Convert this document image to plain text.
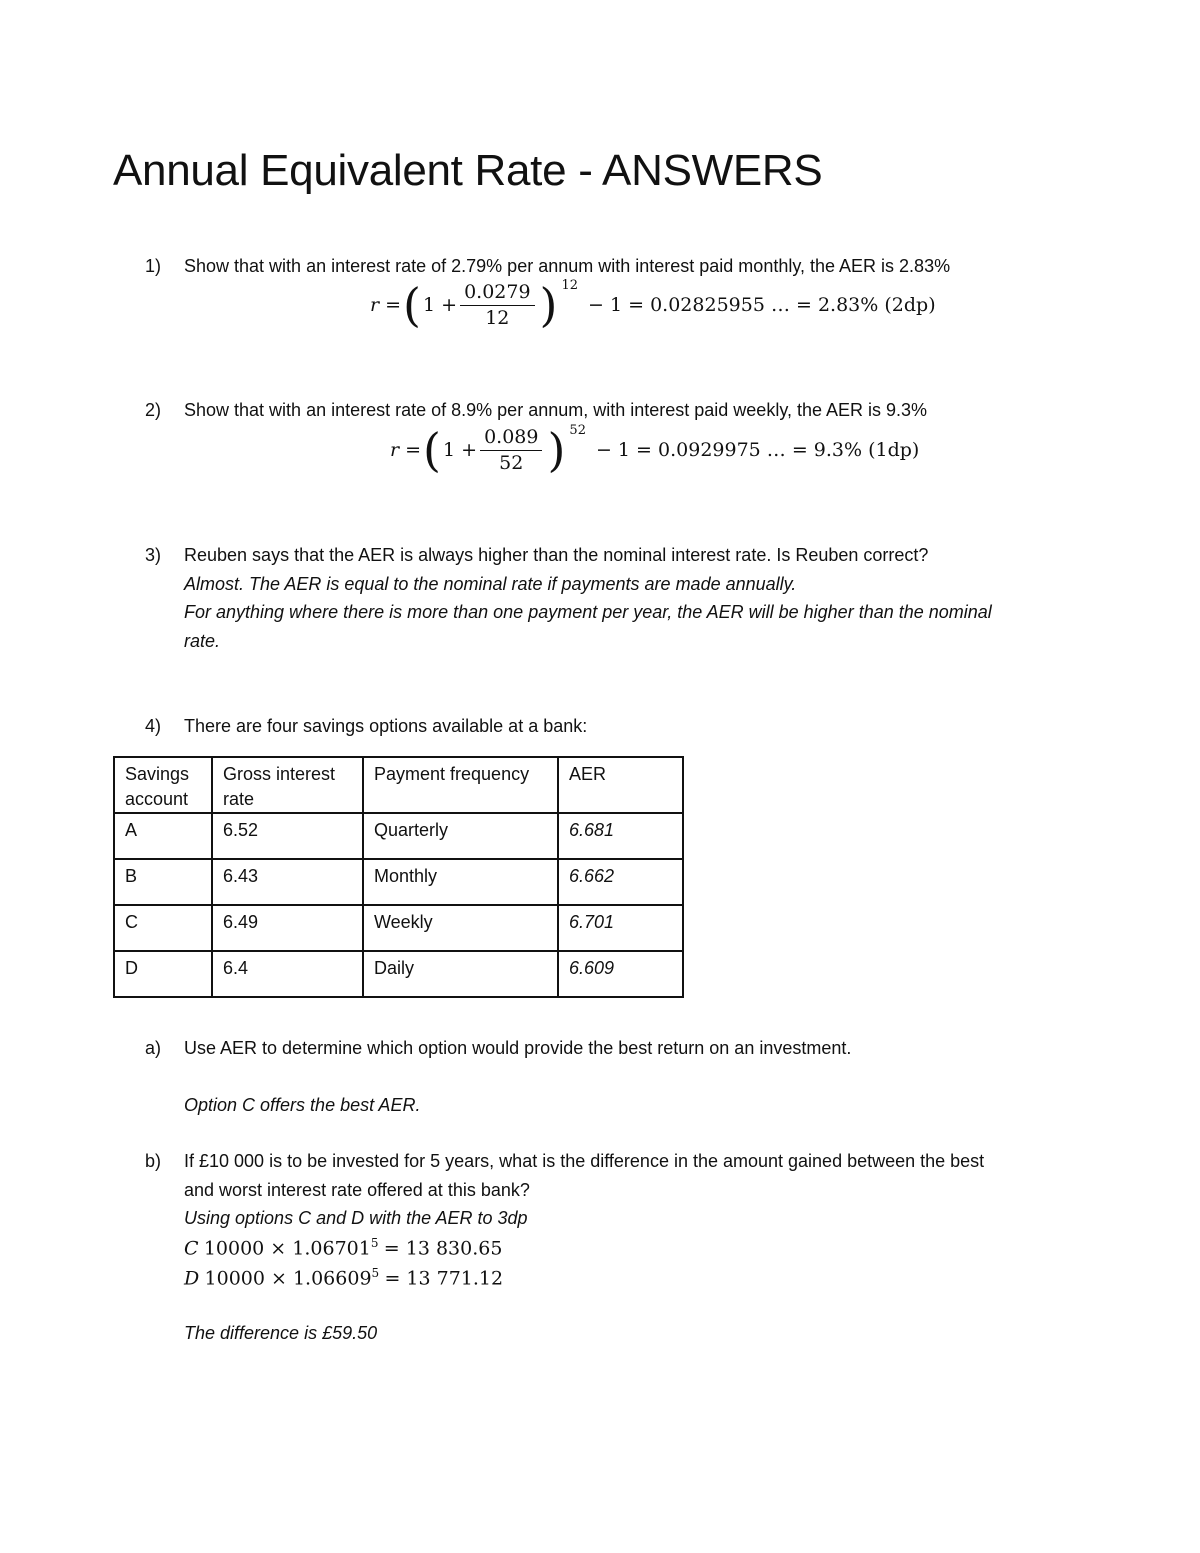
Annual Equivalent Rate - ANSWERS
1) Show that with an interest rate of 2.79% per annum with interest paid monthly, the AER is 2.83%
r = ( $1 + \frac{0.0279}{12}$ ) 12
− 1 = 0.02825955 … = 2.83% (2dp)
2) Show that with an interest rate of 8.9% per annum, with interest paid weekly, the AER is 9.3%
r = ( $1 + \frac{0.089}{52}$ ) 52
− 1 = 0.0929975 … = 9.3% (1dp)
3) Reuben says that the AER is always higher than the nominal interest rate. Is Reuben correct?
Almost. The AER is equal to the nominal rate if payments are made annually.
For anything where there is more than one payment per year, the AER will be higher than the nominal
rate.
4) There are four savings options available at a bank:
Savings account	Gross interest rate	Payment frequency	AER
A	6.52	Quarterly	6.681
B	6.43	Monthly	6.662
C	6.49	Weekly	6.701
D	6.4	Daily	6.609
a) Use AER to determine which option would provide the best return on an investment.
Option C offers the best AER.
b) If £10 000 is to be invested for 5 years, what is the difference in the amount gained between the best
and worst interest rate offered at this bank?
Using options C and D with the AER to 3dp
C $10000 \times 1.06701^5 = 13$ 830.65
D $10000 \times 1.06609^5 = 13$ 771.12
The difference is £59.50
